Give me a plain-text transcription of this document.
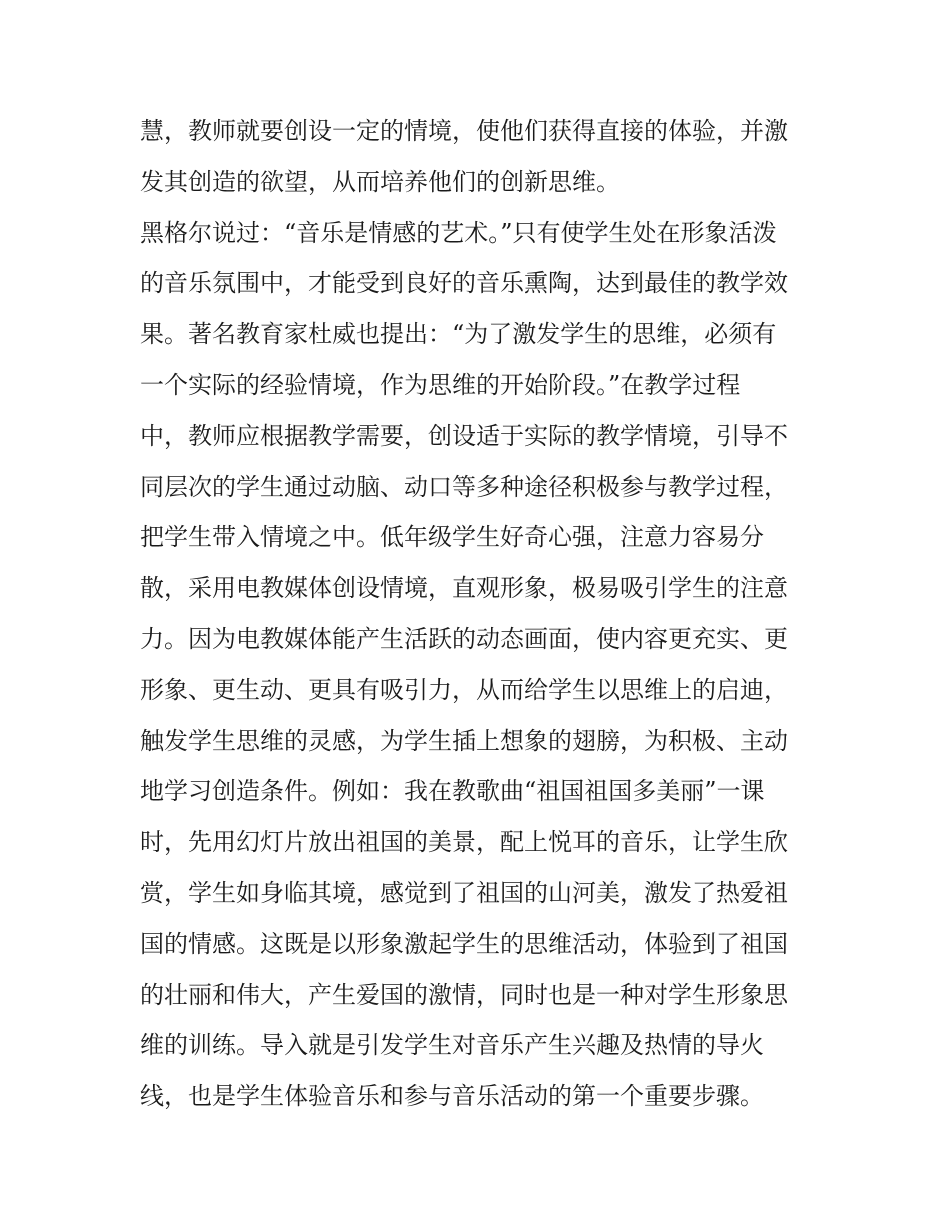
慧，教师就要创设一定的情境，使他们获得直接的体验，并激
发其创造的欲望，从而培养他们的创新思维。
黑格尔说过：“音乐是情感的艺术。”只有使学生处在形象活泼
的音乐氛围中，才能受到良好的音乐熏陶，达到最佳的教学效
果。著名教育家杜威也提出：“为了激发学生的思维，必须有
一个实际的经验情境，作为思维的开始阶段。”在教学过程
中，教师应根据教学需要，创设适于实际的教学情境，引导不
同层次的学生通过动脑、动口等多种途径积极参与教学过程，
把学生带入情境之中。低年级学生好奇心强，注意力容易分
散，采用电教媒体创设情境，直观形象，极易吸引学生的注意
力。因为电教媒体能产生活跃的动态画面，使内容更充实、更
形象、更生动、更具有吸引力，从而给学生以思维上的启迪，
触发学生思维的灵感，为学生插上想象的翅膀，为积极、主动
地学习创造条件。例如：我在教歌曲“祖国祖国多美丽”一课
时，先用幻灯片放出祖国的美景，配上悦耳的音乐，让学生欣
赏，学生如身临其境，感觉到了祖国的山河美，激发了热爱祖
国的情感。这既是以形象激起学生的思维活动，体验到了祖国
的壮丽和伟大，产生爱国的激情，同时也是一种对学生形象思
维的训练。导入就是引发学生对音乐产生兴趣及热情的导火
线，也是学生体验音乐和参与音乐活动的第一个重要步骤。
